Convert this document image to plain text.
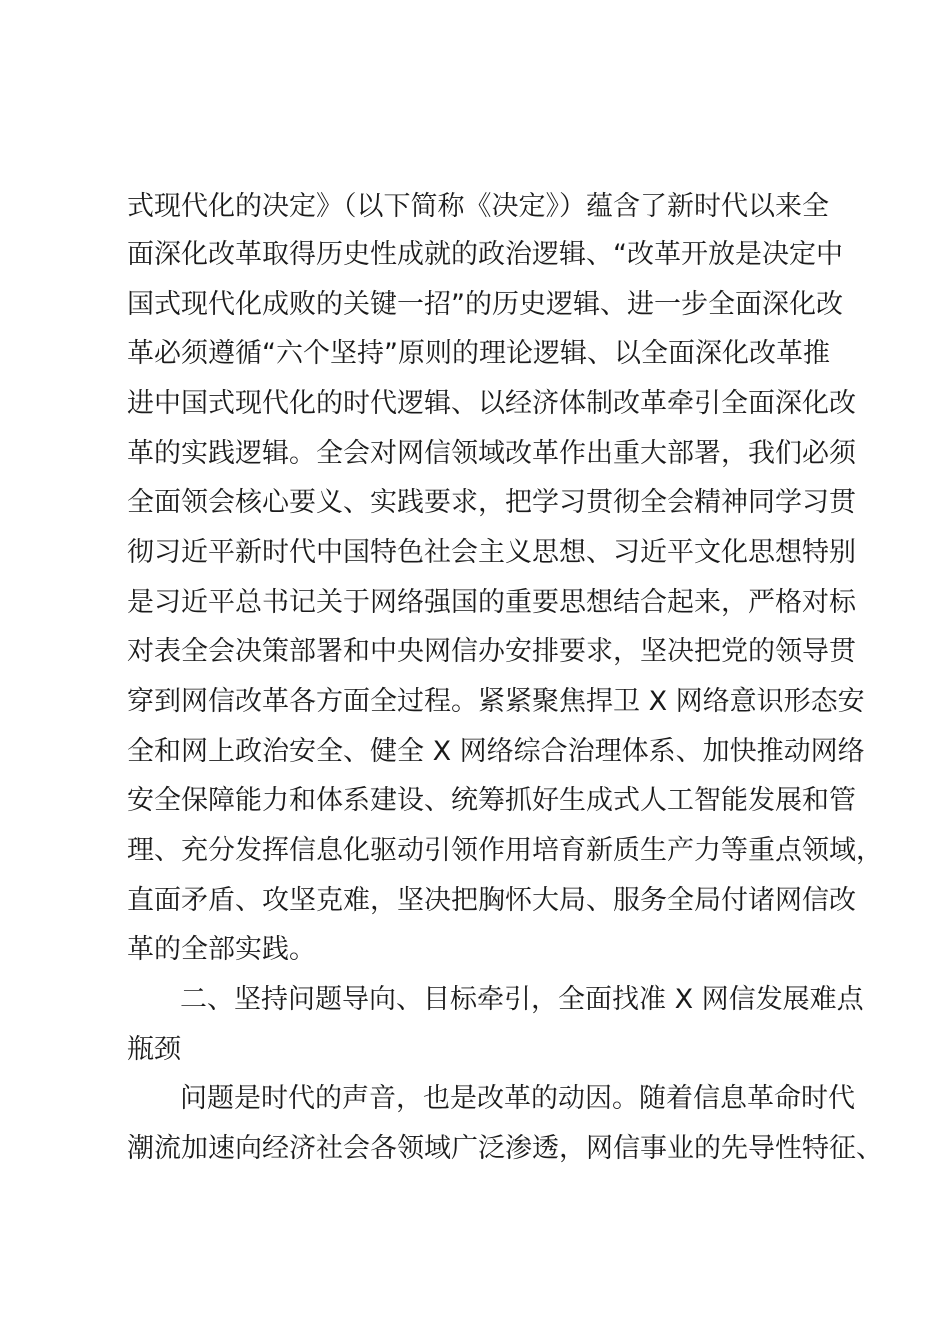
式现代化的决定》（以下简称《决定》）蕴含了新时代以来全
面深化改革取得历史性成就的政治逻辑、“改革开放是决定中
国式现代化成败的关键一招”的历史逻辑、进一步全面深化改
革必须遵循“六个坚持”原则的理论逻辑、以全面深化改革推
进中国式现代化的时代逻辑、以经济体制改革牵引全面深化改
革的实践逻辑。全会对网信领域改革作出重大部署，我们必须
全面领会核心要义、实践要求，把学习贯彻全会精神同学习贯
彻习近平新时代中国特色社会主义思想、习近平文化思想特别
是习近平总书记关于网络强国的重要思想结合起来，严格对标
对表全会决策部署和中央网信办安排要求，坚决把党的领导贯
穿到网信改革各方面全过程。紧紧聚焦捍卫 X 网络意识形态安
全和网上政治安全、健全 X 网络综合治理体系、加快推动网络
安全保障能力和体系建设、统筹抓好生成式人工智能发展和管
理、充分发挥信息化驱动引领作用培育新质生产力等重点领域，
直面矛盾、攻坚克难，坚决把胸怀大局、服务全局付诸网信改
革的全部实践。
二、坚持问题导向、目标牵引，全面找准 X 网信发展难点
瓶颈
问题是时代的声音，也是改革的动因。随着信息革命时代
潮流加速向经济社会各领域广泛渗透，网信事业的先导性特征、
